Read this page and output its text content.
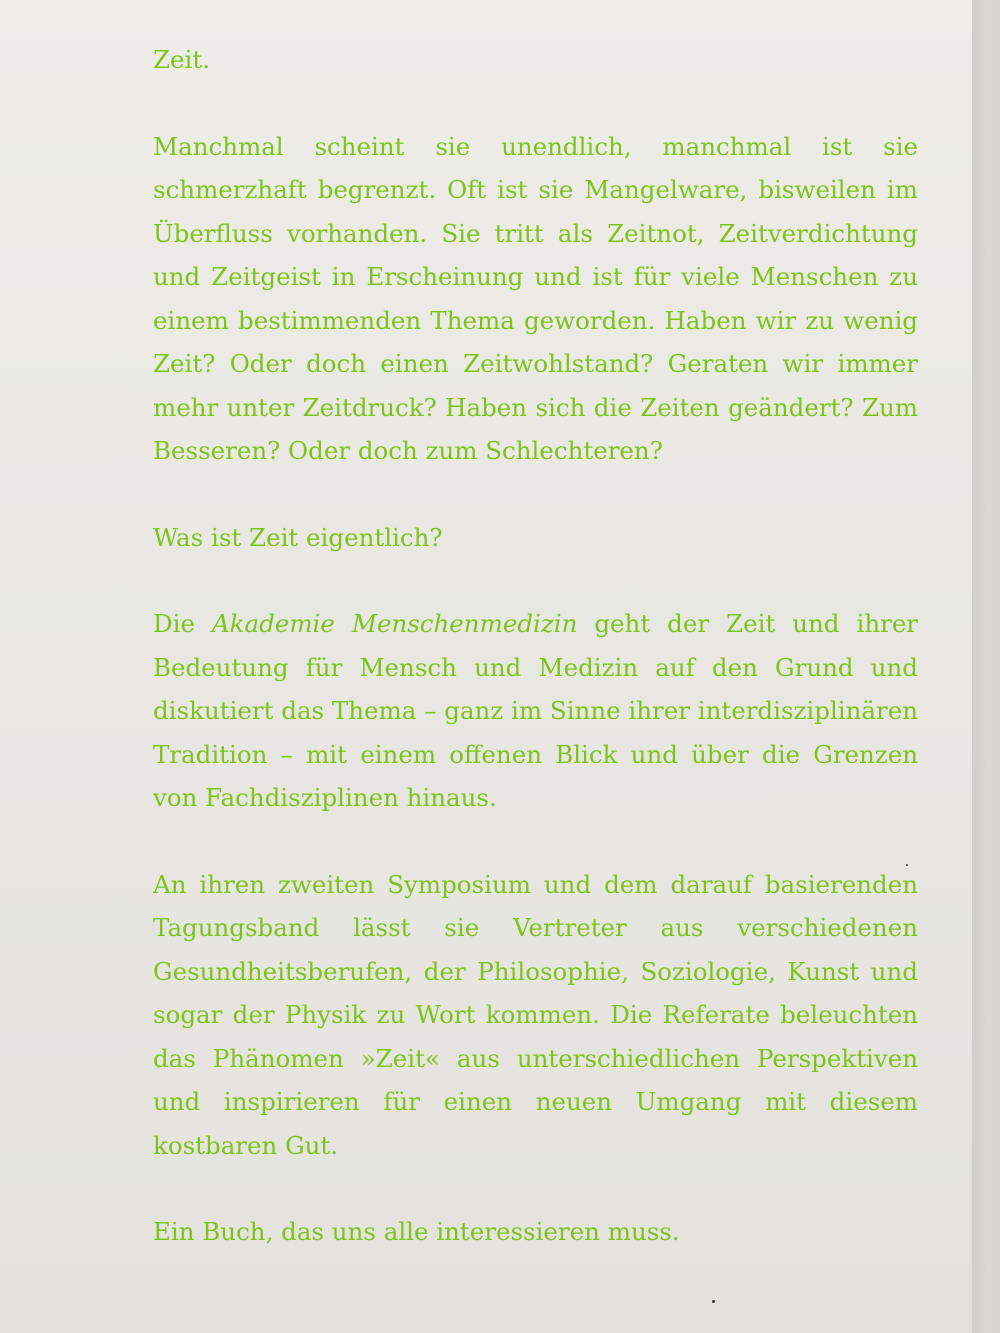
Zeit.

Manchmal scheint sie unendlich, manchmal ist sie schmerzhaft begrenzt. Oft ist sie Mangelware, bisweilen im Überfluss vorhanden. Sie tritt als Zeitnot, Zeitverdichtung und Zeitgeist in Erscheinung und ist für viele Menschen zu einem bestimmenden Thema geworden. Haben wir zu wenig Zeit? Oder doch einen Zeitwohlstand? Geraten wir immer mehr unter Zeitdruck? Haben sich die Zeiten geändert? Zum Besseren? Oder doch zum Schlechteren?

Was ist Zeit eigentlich?

Die Akademie Menschenmedizin geht der Zeit und ihrer Bedeutung für Mensch und Medizin auf den Grund und diskutiert das Thema – ganz im Sinne ihrer interdisziplinären Tradition – mit einem offenen Blick und über die Grenzen von Fachdisziplinen hinaus.

An ihren zweiten Symposium und dem darauf basierenden Tagungsband lässt sie Vertreter aus verschiedenen Gesundheitsberufen, der Philosophie, Soziologie, Kunst und sogar der Physik zu Wort kommen. Die Referate beleuchten das Phänomen »Zeit« aus unterschiedlichen Perspektiven und inspirieren für einen neuen Umgang mit diesem kostbaren Gut.

Ein Buch, das uns alle interessieren muss.
